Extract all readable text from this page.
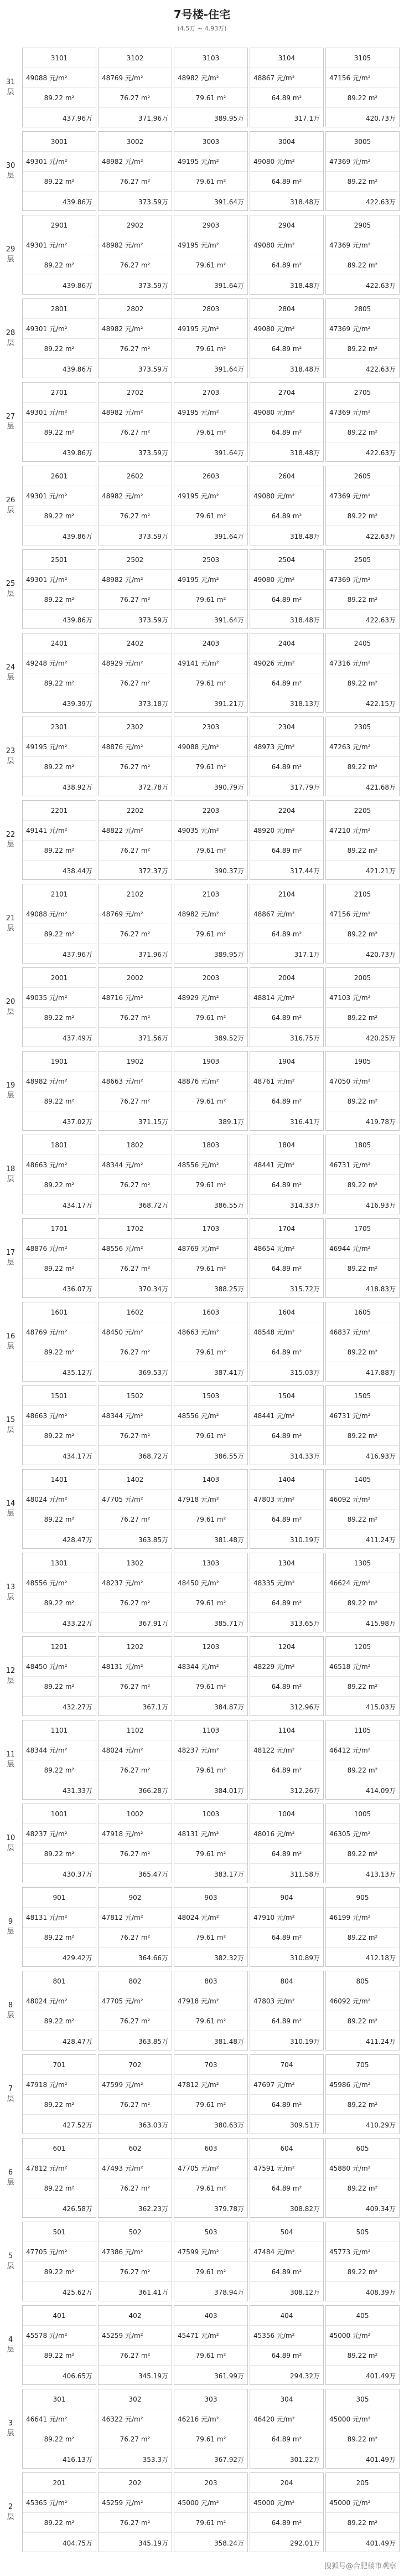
7号楼-住宅
(4.5万 ~ 4.93万)
31
层
3101
49088 元/m²
89.22 m²
437.96万
3102
48769 元/m²
76.27 m²
371.96万
3103
48982 元/m²
79.61 m²
389.95万
3104
48867 元/m²
64.89 m²
317.1万
3105
47156 元/m²
89.22 m²
420.73万
30
层
3001
49301 元/m²
89.22 m²
439.86万
3002
48982 元/m²
76.27 m²
373.59万
3003
49195 元/m²
79.61 m²
391.64万
3004
49080 元/m²
64.89 m²
318.48万
3005
47369 元/m²
89.22 m²
422.63万
29
层
2901
49301 元/m²
89.22 m²
439.86万
2902
48982 元/m²
76.27 m²
373.59万
2903
49195 元/m²
79.61 m²
391.64万
2904
49080 元/m²
64.89 m²
318.48万
2905
47369 元/m²
89.22 m²
422.63万
28
层
2801
49301 元/m²
89.22 m²
439.86万
2802
48982 元/m²
76.27 m²
373.59万
2803
49195 元/m²
79.61 m²
391.64万
2804
49080 元/m²
64.89 m²
318.48万
2805
47369 元/m²
89.22 m²
422.63万
27
层
2701
49301 元/m²
89.22 m²
439.86万
2702
48982 元/m²
76.27 m²
373.59万
2703
49195 元/m²
79.61 m²
391.64万
2704
49080 元/m²
64.89 m²
318.48万
2705
47369 元/m²
89.22 m²
422.63万
26
层
2601
49301 元/m²
89.22 m²
439.86万
2602
48982 元/m²
76.27 m²
373.59万
2603
49195 元/m²
79.61 m²
391.64万
2604
49080 元/m²
64.89 m²
318.48万
2605
47369 元/m²
89.22 m²
422.63万
25
层
2501
49301 元/m²
89.22 m²
439.86万
2502
48982 元/m²
76.27 m²
373.59万
2503
49195 元/m²
79.61 m²
391.64万
2504
49080 元/m²
64.89 m²
318.48万
2505
47369 元/m²
89.22 m²
422.63万
24
层
2401
49248 元/m²
89.22 m²
439.39万
2402
48929 元/m²
76.27 m²
373.18万
2403
49141 元/m²
79.61 m²
391.21万
2404
49026 元/m²
64.89 m²
318.13万
2405
47316 元/m²
89.22 m²
422.15万
23
层
2301
49195 元/m²
89.22 m²
438.92万
2302
48876 元/m²
76.27 m²
372.78万
2303
49088 元/m²
79.61 m²
390.79万
2304
48973 元/m²
64.89 m²
317.79万
2305
47263 元/m²
89.22 m²
421.68万
22
层
2201
49141 元/m²
89.22 m²
438.44万
2202
48822 元/m²
76.27 m²
372.37万
2203
49035 元/m²
79.61 m²
390.37万
2204
48920 元/m²
64.89 m²
317.44万
2205
47210 元/m²
89.22 m²
421.21万
21
层
2101
49088 元/m²
89.22 m²
437.96万
2102
48769 元/m²
76.27 m²
371.96万
2103
48982 元/m²
79.61 m²
389.95万
2104
48867 元/m²
64.89 m²
317.1万
2105
47156 元/m²
89.22 m²
420.73万
20
层
2001
49035 元/m²
89.22 m²
437.49万
2002
48716 元/m²
76.27 m²
371.56万
2003
48929 元/m²
79.61 m²
389.52万
2004
48814 元/m²
64.89 m²
316.75万
2005
47103 元/m²
89.22 m²
420.25万
19
层
1901
48982 元/m²
89.22 m²
437.02万
1902
48663 元/m²
76.27 m²
371.15万
1903
48876 元/m²
79.61 m²
389.1万
1904
48761 元/m²
64.89 m²
316.41万
1905
47050 元/m²
89.22 m²
419.78万
18
层
1801
48663 元/m²
89.22 m²
434.17万
1802
48344 元/m²
76.27 m²
368.72万
1803
48556 元/m²
79.61 m²
386.55万
1804
48441 元/m²
64.89 m²
314.33万
1805
46731 元/m²
89.22 m²
416.93万
17
层
1701
48876 元/m²
89.22 m²
436.07万
1702
48556 元/m²
76.27 m²
370.34万
1703
48769 元/m²
79.61 m²
388.25万
1704
48654 元/m²
64.89 m²
315.72万
1705
46944 元/m²
89.22 m²
418.83万
16
层
1601
48769 元/m²
89.22 m²
435.12万
1602
48450 元/m²
76.27 m²
369.53万
1603
48663 元/m²
79.61 m²
387.41万
1604
48548 元/m²
64.89 m²
315.03万
1605
46837 元/m²
89.22 m²
417.88万
15
层
1501
48663 元/m²
89.22 m²
434.17万
1502
48344 元/m²
76.27 m²
368.72万
1503
48556 元/m²
79.61 m²
386.55万
1504
48441 元/m²
64.89 m²
314.33万
1505
46731 元/m²
89.22 m²
416.93万
14
层
1401
48024 元/m²
89.22 m²
428.47万
1402
47705 元/m²
76.27 m²
363.85万
1403
47918 元/m²
79.61 m²
381.48万
1404
47803 元/m²
64.89 m²
310.19万
1405
46092 元/m²
89.22 m²
411.24万
13
层
1301
48556 元/m²
89.22 m²
433.22万
1302
48237 元/m²
76.27 m²
367.91万
1303
48450 元/m²
79.61 m²
385.71万
1304
48335 元/m²
64.89 m²
313.65万
1305
46624 元/m²
89.22 m²
415.98万
12
层
1201
48450 元/m²
89.22 m²
432.27万
1202
48131 元/m²
76.27 m²
367.1万
1203
48344 元/m²
79.61 m²
384.87万
1204
48229 元/m²
64.89 m²
312.96万
1205
46518 元/m²
89.22 m²
415.03万
11
层
1101
48344 元/m²
89.22 m²
431.33万
1102
48024 元/m²
76.27 m²
366.28万
1103
48237 元/m²
79.61 m²
384.01万
1104
48122 元/m²
64.89 m²
312.26万
1105
46412 元/m²
89.22 m²
414.09万
10
层
1001
48237 元/m²
89.22 m²
430.37万
1002
47918 元/m²
76.27 m²
365.47万
1003
48131 元/m²
79.61 m²
383.17万
1004
48016 元/m²
64.89 m²
311.58万
1005
46305 元/m²
89.22 m²
413.13万
9
层
901
48131 元/m²
89.22 m²
429.42万
902
47812 元/m²
76.27 m²
364.66万
903
48024 元/m²
79.61 m²
382.32万
904
47910 元/m²
64.89 m²
310.89万
905
46199 元/m²
89.22 m²
412.18万
8
层
801
48024 元/m²
89.22 m²
428.47万
802
47705 元/m²
76.27 m²
363.85万
803
47918 元/m²
79.61 m²
381.48万
804
47803 元/m²
64.89 m²
310.19万
805
46092 元/m²
89.22 m²
411.24万
7
层
701
47918 元/m²
89.22 m²
427.52万
702
47599 元/m²
76.27 m²
363.03万
703
47812 元/m²
79.61 m²
380.63万
704
47697 元/m²
64.89 m²
309.51万
705
45986 元/m²
89.22 m²
410.29万
6
层
601
47812 元/m²
89.22 m²
426.58万
602
47493 元/m²
76.27 m²
362.23万
603
47705 元/m²
79.61 m²
379.78万
604
47591 元/m²
64.89 m²
308.82万
605
45880 元/m²
89.22 m²
409.34万
5
层
501
47705 元/m²
89.22 m²
425.62万
502
47386 元/m²
76.27 m²
361.41万
503
47599 元/m²
79.61 m²
378.94万
504
47484 元/m²
64.89 m²
308.12万
505
45773 元/m²
89.22 m²
408.39万
4
层
401
45578 元/m²
89.22 m²
406.65万
402
45259 元/m²
76.27 m²
345.19万
403
45471 元/m²
79.61 m²
361.99万
404
45356 元/m²
64.89 m²
294.32万
405
45000 元/m²
89.22 m²
401.49万
3
层
301
46641 元/m²
89.22 m²
416.13万
302
46322 元/m²
76.27 m²
353.3万
303
46216 元/m²
79.61 m²
367.92万
304
46420 元/m²
64.89 m²
301.22万
305
45000 元/m²
89.22 m²
401.49万
2
层
201
45365 元/m²
89.22 m²
404.75万
202
45259 元/m²
76.27 m²
345.19万
203
45000 元/m²
79.61 m²
358.24万
204
45000 元/m²
64.89 m²
292.01万
205
45000 元/m²
89.22 m²
401.49万
搜狐号@合肥楼市观察
